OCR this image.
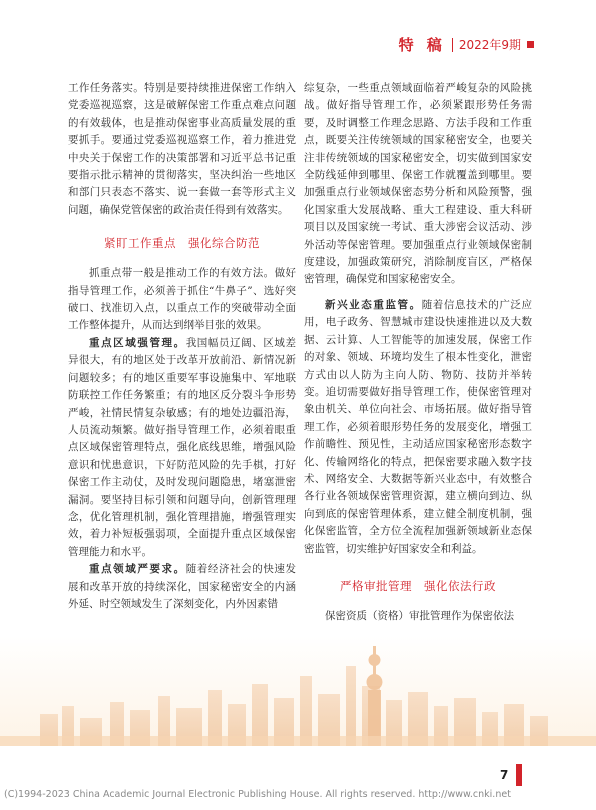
特 稿 2022年9期

工作任务落实。特别是要持续推进保密工作纳入党委巡视巡察，这是破解保密工作重点难点问题的有效载体，也是推动保密事业高质量发展的重要抓手。要通过党委巡视巡察工作，着力推进党中央关于保密工作的决策部署和习近平总书记重要指示批示精神的贯彻落实，坚决纠治一些地区和部门只表态不落实、说一套做一套等形式主义问题，确保党管保密的政治责任得到有效落实。

紧盯工作重点　强化综合防范

抓重点带一般是推动工作的有效方法。做好指导管理工作，必须善于抓住“牛鼻子”、选好突破口、找准切入点，以重点工作的突破带动全面工作整体提升，从而达到纲举目张的效果。

重点区域强管理。我国幅员辽阔、区域差异很大，有的地区处于改革开放前沿、新情况新问题较多；有的地区重要军事设施集中、军地联防联控工作任务繁重；有的地区反分裂斗争形势严峻，社情民情复杂敏感；有的地处边疆沿海，人员流动频繁。做好指导管理工作，必须着眼重点区域保密管理特点，强化底线思维，增强风险意识和忧患意识，下好防范风险的先手棋，打好保密工作主动仗，及时发现问题隐患，堵塞泄密漏洞。要坚持目标引领和问题导向，创新管理理念，优化管理机制，强化管理措施，增强管理实效，着力补短板强弱项，全面提升重点区域保密管理能力和水平。

重点领域严要求。随着经济社会的快速发展和改革开放的持续深化，国家秘密安全的内涵外延、时空领域发生了深刻变化，内外因素错

综复杂，一些重点领域面临着严峻复杂的风险挑战。做好指导管理工作，必须紧跟形势任务需要，及时调整工作理念思路、方法手段和工作重点，既要关注传统领域的国家秘密安全，也要关注非传统领域的国家秘密安全，切实做到国家安全防线延伸到哪里、保密工作就覆盖到哪里。要加强重点行业领域保密态势分析和风险预警，强化国家重大发展战略、重大工程建设、重大科研项目以及国家统一考试、重大涉密会议活动、涉外活动等保密管理。要加强重点行业领域保密制度建设，加强政策研究，消除制度盲区，严格保密管理，确保党和国家秘密安全。

新兴业态重监管。随着信息技术的广泛应用，电子政务、智慧城市建设快速推进以及大数据、云计算、人工智能等的加速发展，保密工作的对象、领域、环境均发生了根本性变化，泄密方式由以人防为主向人防、物防、技防并举转变。追切需要做好指导管理工作，使保密管理对象由机关、单位向社会、市场拓展。做好指导管理工作，必须着眼形势任务的发展变化，增强工作前瞻性、预见性，主动适应国家秘密形态数字化、传输网络化的特点，把保密要求融入数字技术、网络安全、大数据等新兴业态中，有效整合各行业各领域保密管理资源，建立横向到边、纵向到底的保密管理体系，建立健全制度机制，强化保密监管，全方位全流程加强新领域新业态保密监管，切实维护好国家安全和利益。

严格审批管理　强化依法行政

保密资质（资格）审批管理作为保密依法

7
(C)1994-2023 China Academic Journal Electronic Publishing House. All rights reserved. http://www.cnki.net
